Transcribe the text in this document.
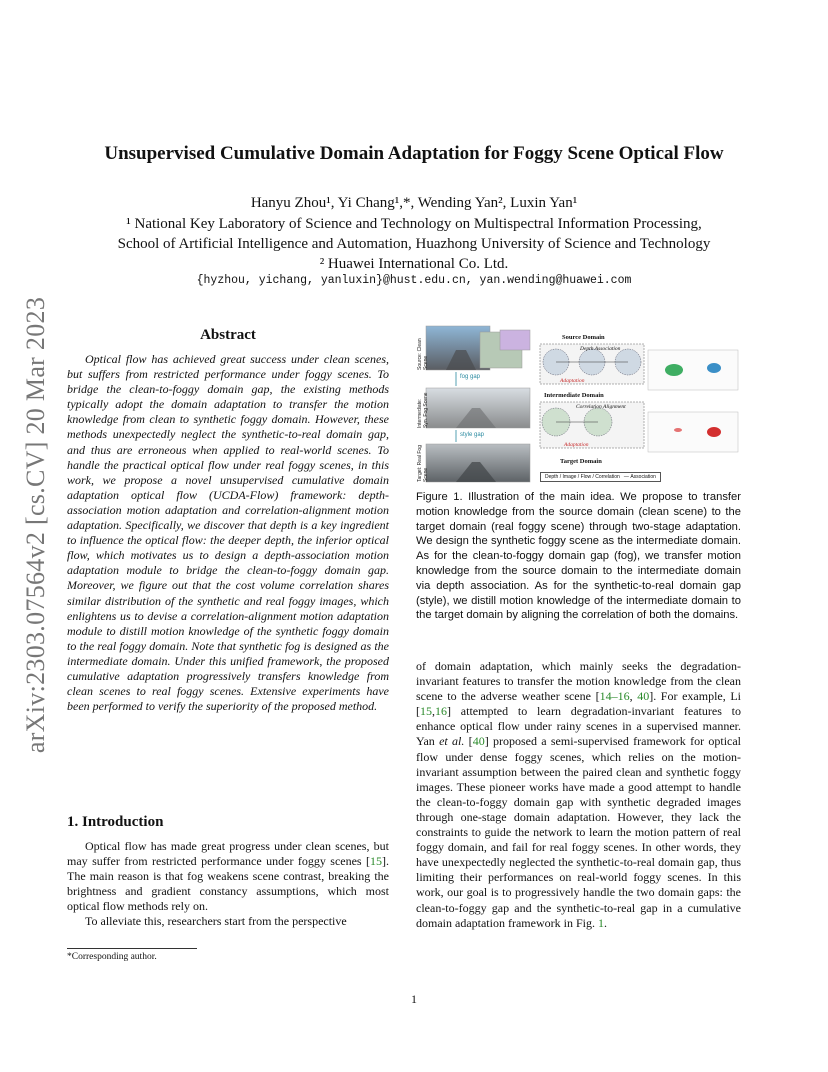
arXiv:2303.07564v2 [cs.CV] 20 Mar 2023
Unsupervised Cumulative Domain Adaptation for Foggy Scene Optical Flow
Hanyu Zhou¹, Yi Chang¹,*, Wending Yan², Luxin Yan¹
¹ National Key Laboratory of Science and Technology on Multispectral Information Processing,
School of Artificial Intelligence and Automation, Huazhong University of Science and Technology
² Huawei International Co. Ltd.
{hyzhou, yichang, yanluxin}@hust.edu.cn, yan.wending@huawei.com
Abstract

Optical flow has achieved great success under clean scenes, but suffers from restricted performance under foggy scenes. To bridge the clean-to-foggy domain gap, the existing methods typically adopt the domain adaptation to transfer the motion knowledge from clean to synthetic foggy domain. However, these methods unexpectedly neglect the synthetic-to-real domain gap, and thus are erroneous when applied to real-world scenes. To handle the practical optical flow under real foggy scenes, in this work, we propose a novel unsupervised cumulative domain adaptation optical flow (UCDA-Flow) framework: depth-association motion adaptation and correlation-alignment motion adaptation. Specifically, we discover that depth is a key ingredient to influence the optical flow: the deeper depth, the inferior optical flow, which motivates us to design a depth-association motion adaptation module to bridge the clean-to-foggy domain gap. Moreover, we figure out that the cost volume correlation shares similar distribution of the synthetic and real foggy images, which enlightens us to devise a correlation-alignment motion adaptation module to distill motion knowledge of the synthetic foggy domain to the real foggy domain. Note that synthetic fog is designed as the intermediate domain. Under this unified framework, the proposed cumulative adaptation progressively transfers knowledge from clean scenes to real foggy scenes. Extensive experiments have been performed to verify the superiority of the proposed method.

1. Introduction

Optical flow has made great progress under clean scenes, but may suffer from restricted performance under foggy scenes [15]. The main reason is that fog weakens scene contrast, breaking the brightness and gradient constancy assumptions, which most optical flow methods rely on.

To alleviate this, researchers start from the perspective

*Corresponding author.
Source: Clean Scene
Intermediate: Syn. Fog Scene
Target: Real Fog Scene
fog gap
style gap
Source Domain
Depth Association
Adaptation
Intermediate Domain
Correlation Alignment
Adaptation
Target Domain
Depth / Image / Flow / Correlation   — Association

Figure 1. Illustration of the main idea. We propose to transfer motion knowledge from the source domain (clean scene) to the target domain (real foggy scene) through two-stage adaptation. We design the synthetic foggy scene as the intermediate domain. As for the clean-to-foggy domain gap (fog), we transfer motion knowledge from the source domain to the intermediate domain via depth association. As for the synthetic-to-real domain gap (style), we distill motion knowledge of the intermediate domain to the target domain by aligning the correlation of both the domains.

of domain adaptation, which mainly seeks the degradation-invariant features to transfer the motion knowledge from the clean scene to the adverse weather scene [14–16, 40]. For example, Li [15,16] attempted to learn degradation-invariant features to enhance optical flow under rainy scenes in a supervised manner. Yan et al. [40] proposed a semi-supervised framework for optical flow under dense foggy scenes, which relies on the motion-invariant assumption between the paired clean and synthetic foggy images. These pioneer works have made a good attempt to handle the clean-to-foggy domain gap with synthetic degraded images through one-stage domain adaptation. However, they lack the constraints to guide the network to learn the motion pattern of real foggy domain, and fail for real foggy scenes. In other words, they have unexpectedly neglected the synthetic-to-real domain gap, thus limiting their performances on real-world foggy scenes. In this work, our goal is to progressively handle the two domain gaps: the clean-to-foggy gap and the synthetic-to-real gap in a cumulative domain adaptation framework in Fig. 1.

1
